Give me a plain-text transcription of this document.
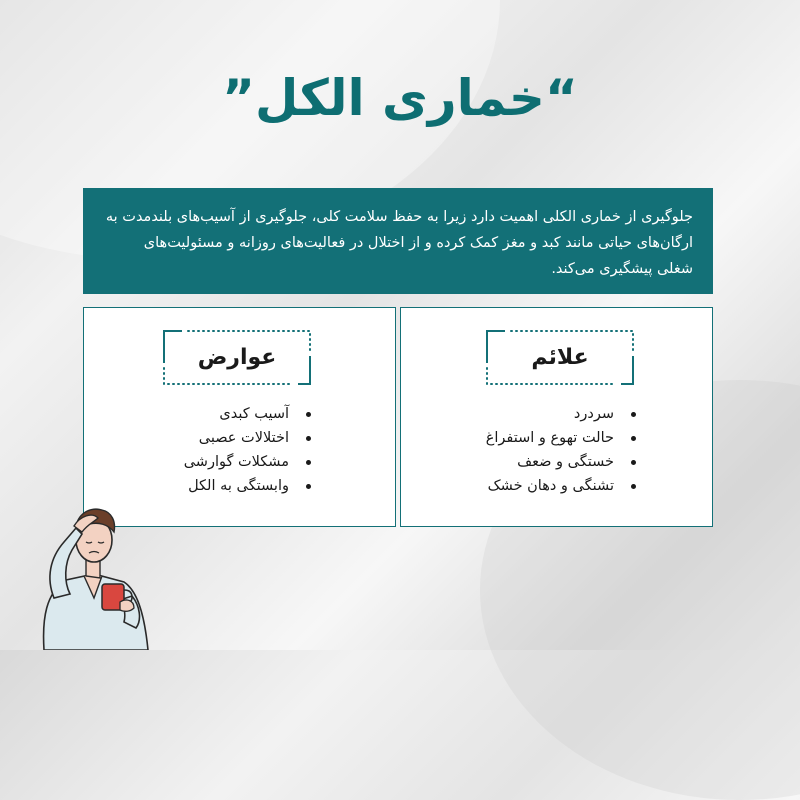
“خماری الکل”
جلوگیری از خماری الکلی اهمیت دارد زیرا به حفظ سلامت کلی، جلوگیری از آسیب‌های بلندمدت به ارگان‌های حیاتی مانند کبد و مغز کمک کرده و از اختلال در فعالیت‌های روزانه و مسئولیت‌های شغلی پیشگیری می‌کند.
علائم
سردرد
حالت تهوع و استفراغ
خستگی و ضعف
تشنگی و دهان خشک
عوارض
آسیب کبدی
اختلالات عصبی
مشکلات گوارشی
وابستگی به الکل
